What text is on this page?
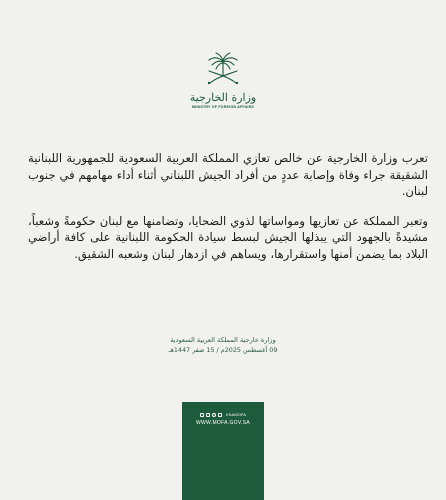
وزارة الخارجية
MINISTRY OF FOREIGN AFFAIRS

تعرب وزارة الخارجية عن خالص تعازي المملكة العربية السعودية للجمهورية اللبنانية الشقيقة جراء وفاة وإصابة عددٍ من أفراد الجيش اللبناني أثناء أداء مهامهم في جنوب لبنان.

وتعبر المملكة عن تعازيها ومواساتها لذوي الضحايا، وتضامنها مع لبنان حكومةً وشعباً، مشيدةً بالجهود التي يبذلها الجيش لبسط سيادة الحكومة اللبنانية على كافة أراضي البلاد بما يضمن أمنها واستقرارها، ويساهم في ازدهار لبنان وشعبه الشقيق.

وزارة خارجية المملكة العربية السعودية
09 أغسطس 2025م / 15 صفر 1447هـ
KSAMOFA
WWW.MOFA.GOV.SA
